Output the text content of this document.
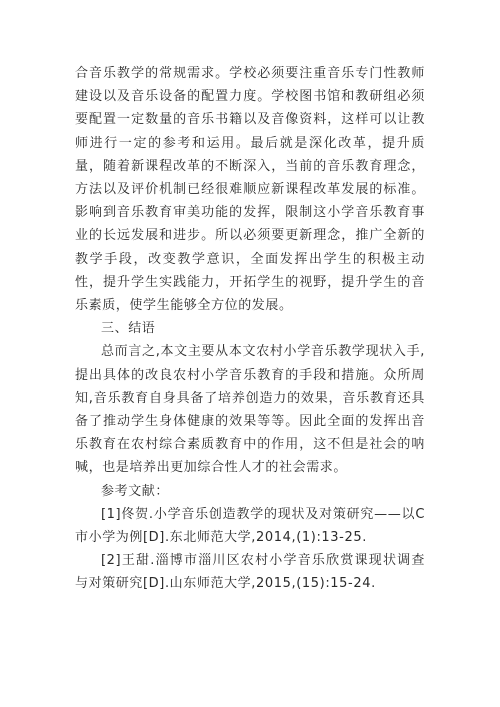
合音乐教学的常规需求。学校必须要注重音乐专门性教师建设以及音乐设备的配置力度。学校图书馆和教研组必须要配置一定数量的音乐书籍以及音像资料，这样可以让教师进行一定的参考和运用。最后就是深化改革，提升质量，随着新课程改革的不断深入，当前的音乐教育理念，方法以及评价机制已经很难顺应新课程改革发展的标准。影响到音乐教育审美功能的发挥，限制这小学音乐教育事业的长远发展和进步。所以必须要更新理念，推广全新的教学手段，改变教学意识，全面发挥出学生的积极主动性，提升学生实践能力，开拓学生的视野，提升学生的音乐素质，使学生能够全方位的发展。

三、结语

总而言之,本文主要从本文农村小学音乐教学现状入手,提出具体的改良农村小学音乐教育的手段和措施。众所周知,音乐教育自身具备了培养创造力的效果，音乐教育还具备了推动学生身体健康的效果等等。因此全面的发挥出音乐教育在农村综合素质教育中的作用，这不但是社会的呐喊，也是培养出更加综合性人才的社会需求。

参考文献：

[1]佟贺.小学音乐创造教学的现状及对策研究——以C市小学为例[D].东北师范大学,2014,(1):13-25.

[2]王甜.淄博市淄川区农村小学音乐欣赏课现状调查与对策研究[D].山东师范大学,2015,(15):15-24.
